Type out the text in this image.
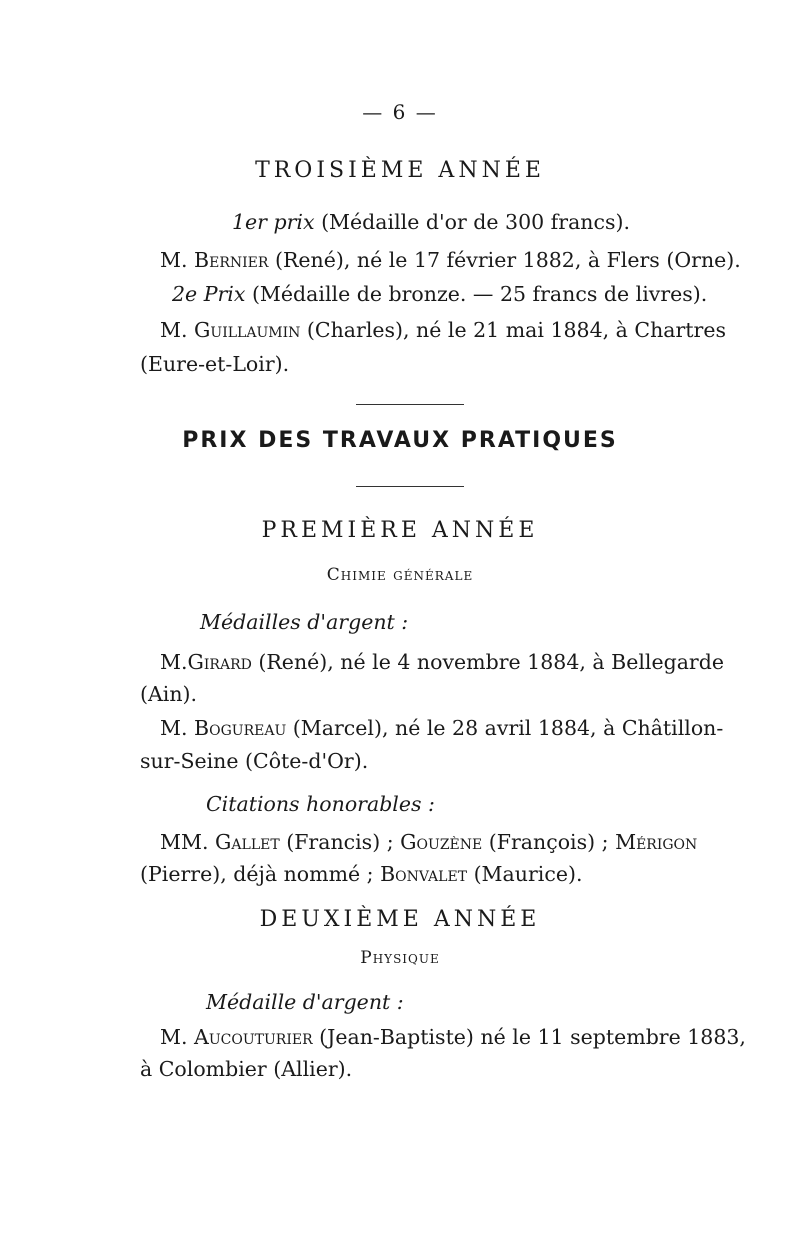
— 6 —
TROISIÈME ANNÉE
1er prix (Médaille d'or de 300 francs).
M. Bernier (René), né le 17 février 1882, à Flers (Orne).
2e Prix (Médaille de bronze. — 25 francs de livres).
M. Guillaumin (Charles), né le 21 mai 1884, à Chartres
(Eure-et-Loir).
PRIX DES TRAVAUX PRATIQUES
PREMIÈRE ANNÉE
Chimie générale
Médailles d'argent :
M.Girard (René), né le 4 novembre 1884, à Bellegarde
(Ain).
M. Bogureau (Marcel), né le 28 avril 1884, à Châtillon-
sur-Seine (Côte-d'Or).
Citations honorables :
MM. Gallet (Francis) ; Gouzène (François) ; Mérigon
(Pierre), déjà nommé ; Bonvalet (Maurice).
DEUXIÈME ANNÉE
Physique
Médaille d'argent :
M. Aucouturier (Jean-Baptiste) né le 11 septembre 1883,
à Colombier (Allier).
